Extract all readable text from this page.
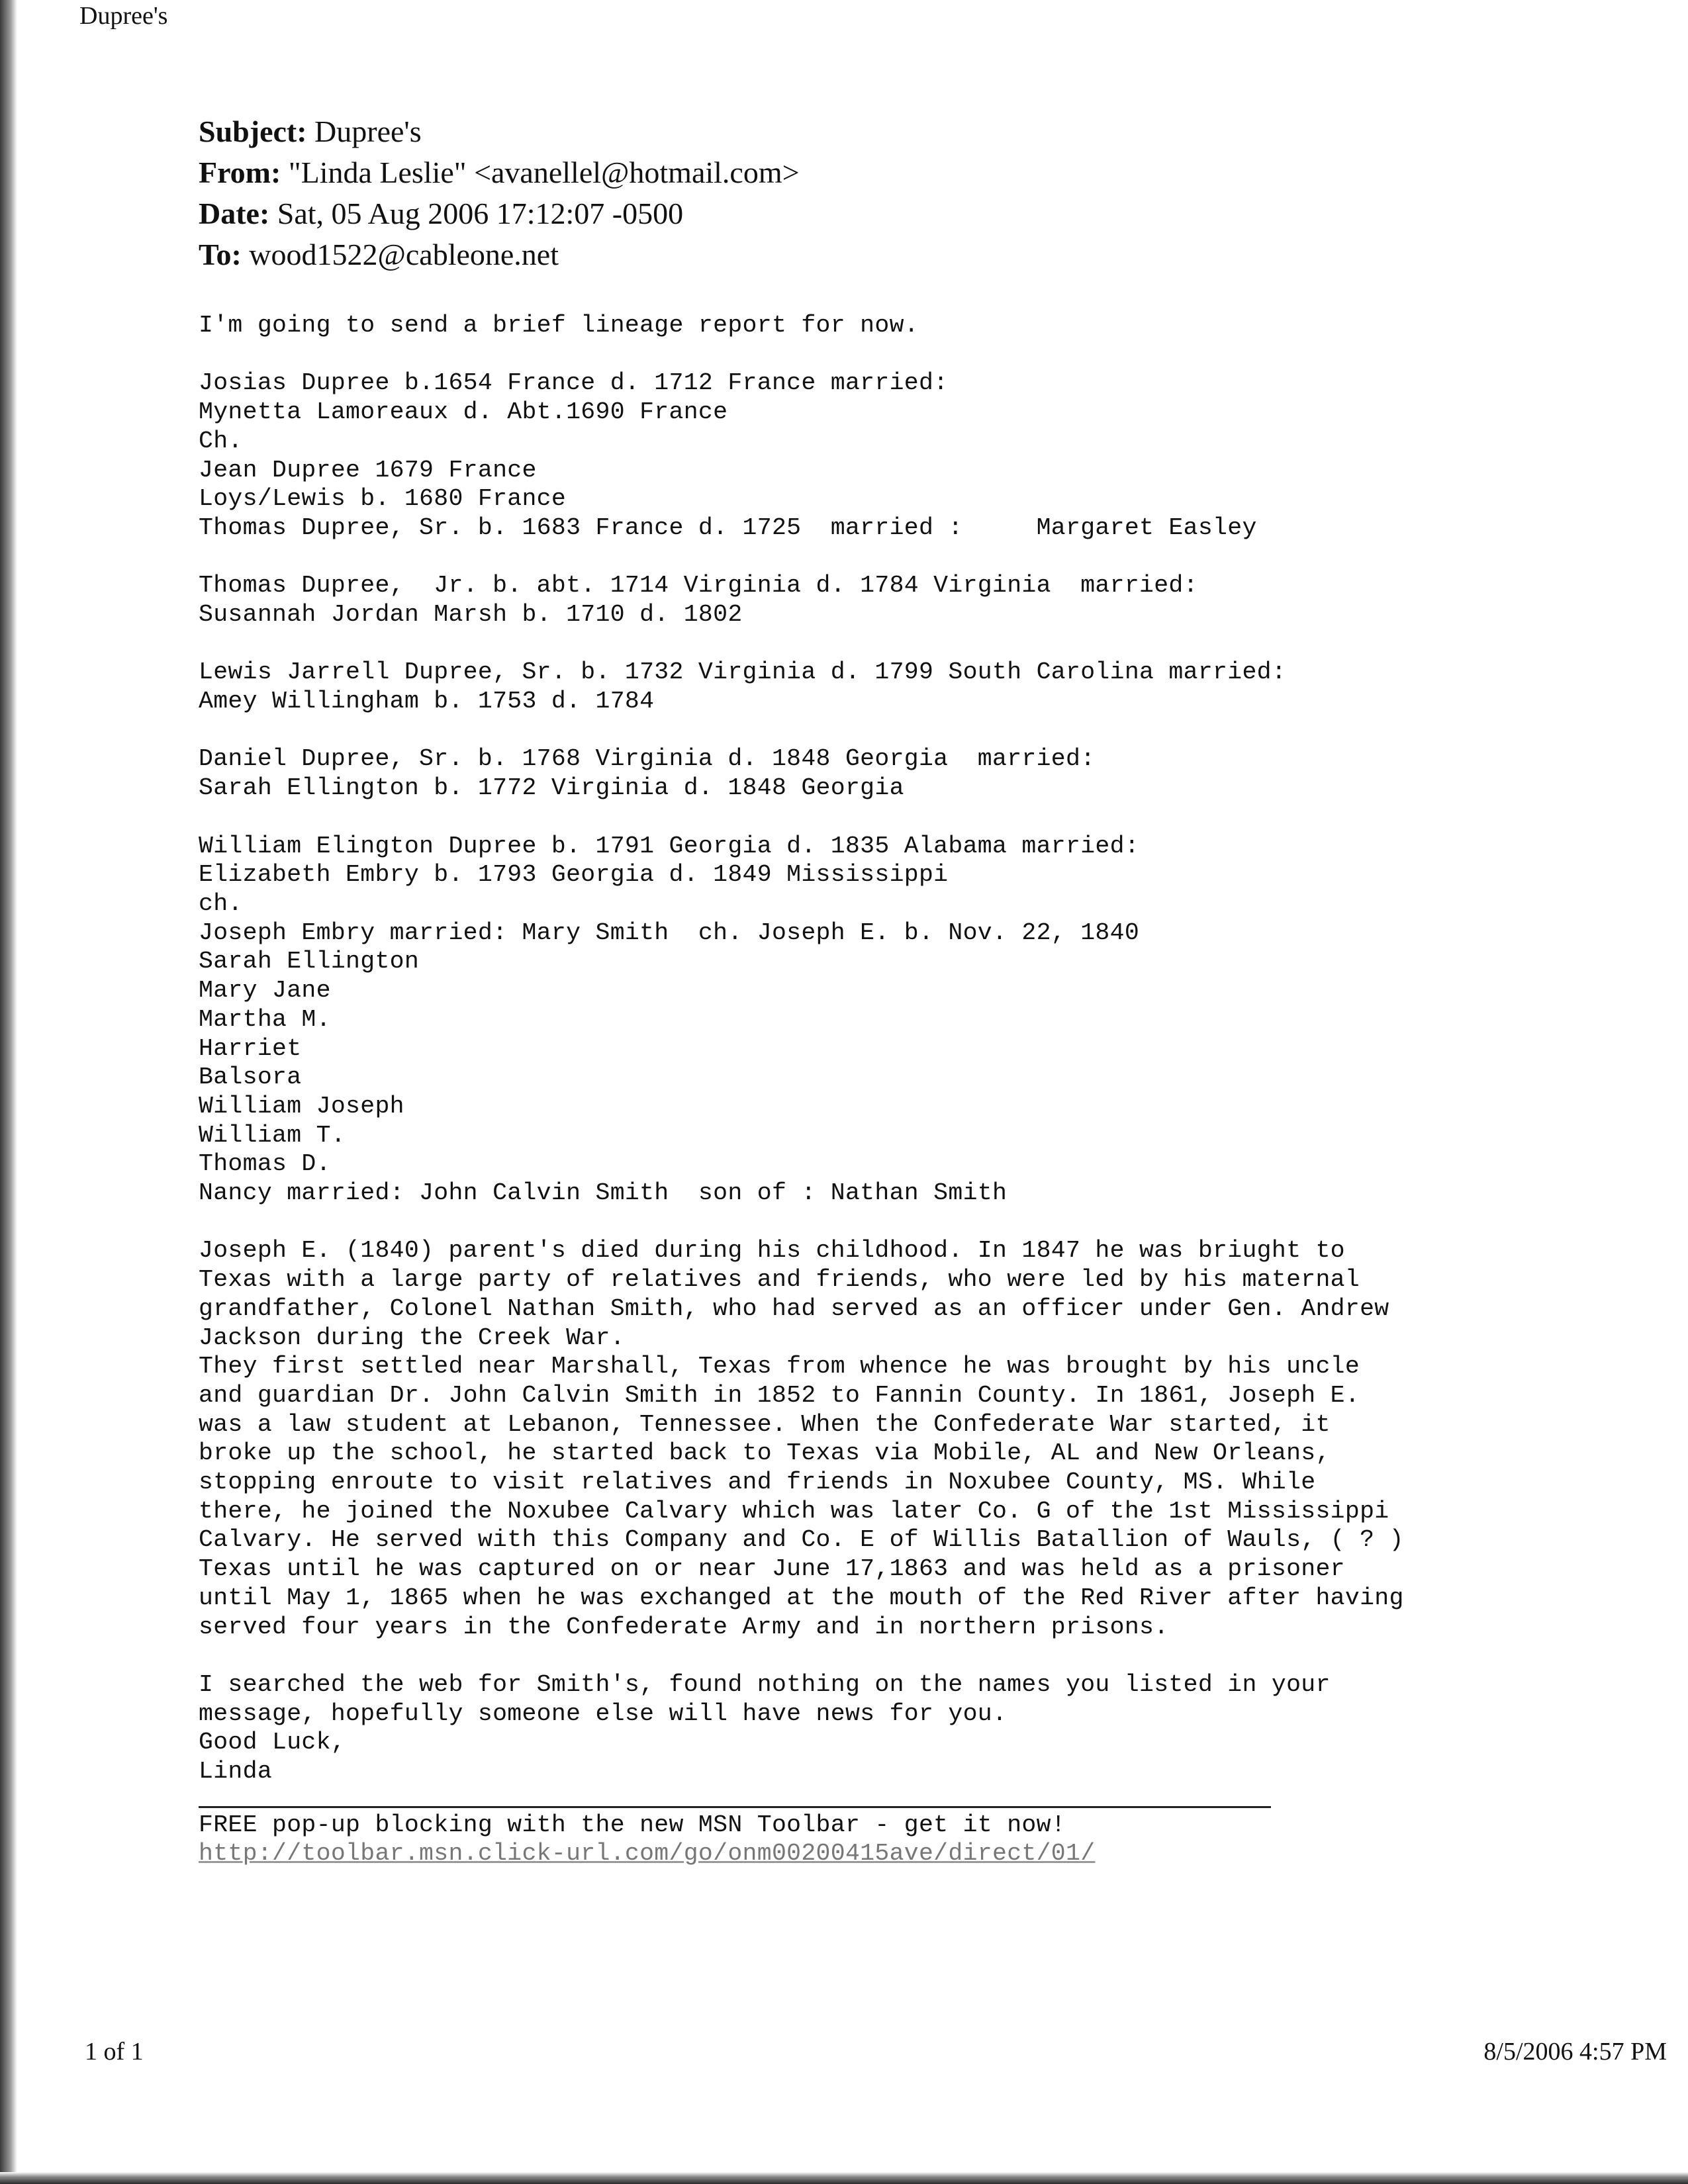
Dupree's
Subject: Dupree's
From: "Linda Leslie" <avanellel@hotmail.com>
Date: Sat, 05 Aug 2006 17:12:07 -0500
To: wood1522@cableone.net
I'm going to send a brief lineage report for now.
Josias Dupree b.1654 France d. 1712 France married:
Mynetta Lamoreaux d. Abt.1690 France
Ch.
Jean Dupree 1679 France
Loys/Lewis b. 1680 France
Thomas Dupree, Sr. b. 1683 France d. 1725  married :     Margaret Easley
Thomas Dupree,  Jr. b. abt. 1714 Virginia d. 1784 Virginia  married:
Susannah Jordan Marsh b. 1710 d. 1802
Lewis Jarrell Dupree, Sr. b. 1732 Virginia d. 1799 South Carolina married:
Amey Willingham b. 1753 d. 1784
Daniel Dupree, Sr. b. 1768 Virginia d. 1848 Georgia  married:
Sarah Ellington b. 1772 Virginia d. 1848 Georgia
William Elington Dupree b. 1791 Georgia d. 1835 Alabama married:
Elizabeth Embry b. 1793 Georgia d. 1849 Mississippi
ch.
Joseph Embry married: Mary Smith  ch. Joseph E. b. Nov. 22, 1840
Sarah Ellington
Mary Jane
Martha M.
Harriet
Balsora
William Joseph
William T.
Thomas D.
Nancy married: John Calvin Smith  son of : Nathan Smith
Joseph E. (1840) parent's died during his childhood. In 1847 he was briught to
Texas with a large party of relatives and friends, who were led by his maternal
grandfather, Colonel Nathan Smith, who had served as an officer under Gen. Andrew
Jackson during the Creek War.
They first settled near Marshall, Texas from whence he was brought by his uncle
and guardian Dr. John Calvin Smith in 1852 to Fannin County. In 1861, Joseph E.
was a law student at Lebanon, Tennessee. When the Confederate War started, it
broke up the school, he started back to Texas via Mobile, AL and New Orleans,
stopping enroute to visit relatives and friends in Noxubee County, MS. While
there, he joined the Noxubee Calvary which was later Co. G of the 1st Mississippi
Calvary. He served with this Company and Co. E of Willis Batallion of Wauls, ( ? )
Texas until he was captured on or near June 17,1863 and was held as a prisoner
until May 1, 1865 when he was exchanged at the mouth of the Red River after having
served four years in the Confederate Army and in northern prisons.
I searched the web for Smith's, found nothing on the names you listed in your
message, hopefully someone else will have news for you.
Good Luck,
Linda
FREE pop-up blocking with the new MSN Toolbar - get it now!
http://toolbar.msn.click-url.com/go/onm00200415ave/direct/01/
1 of 1	8/5/2006 4:57 PM
